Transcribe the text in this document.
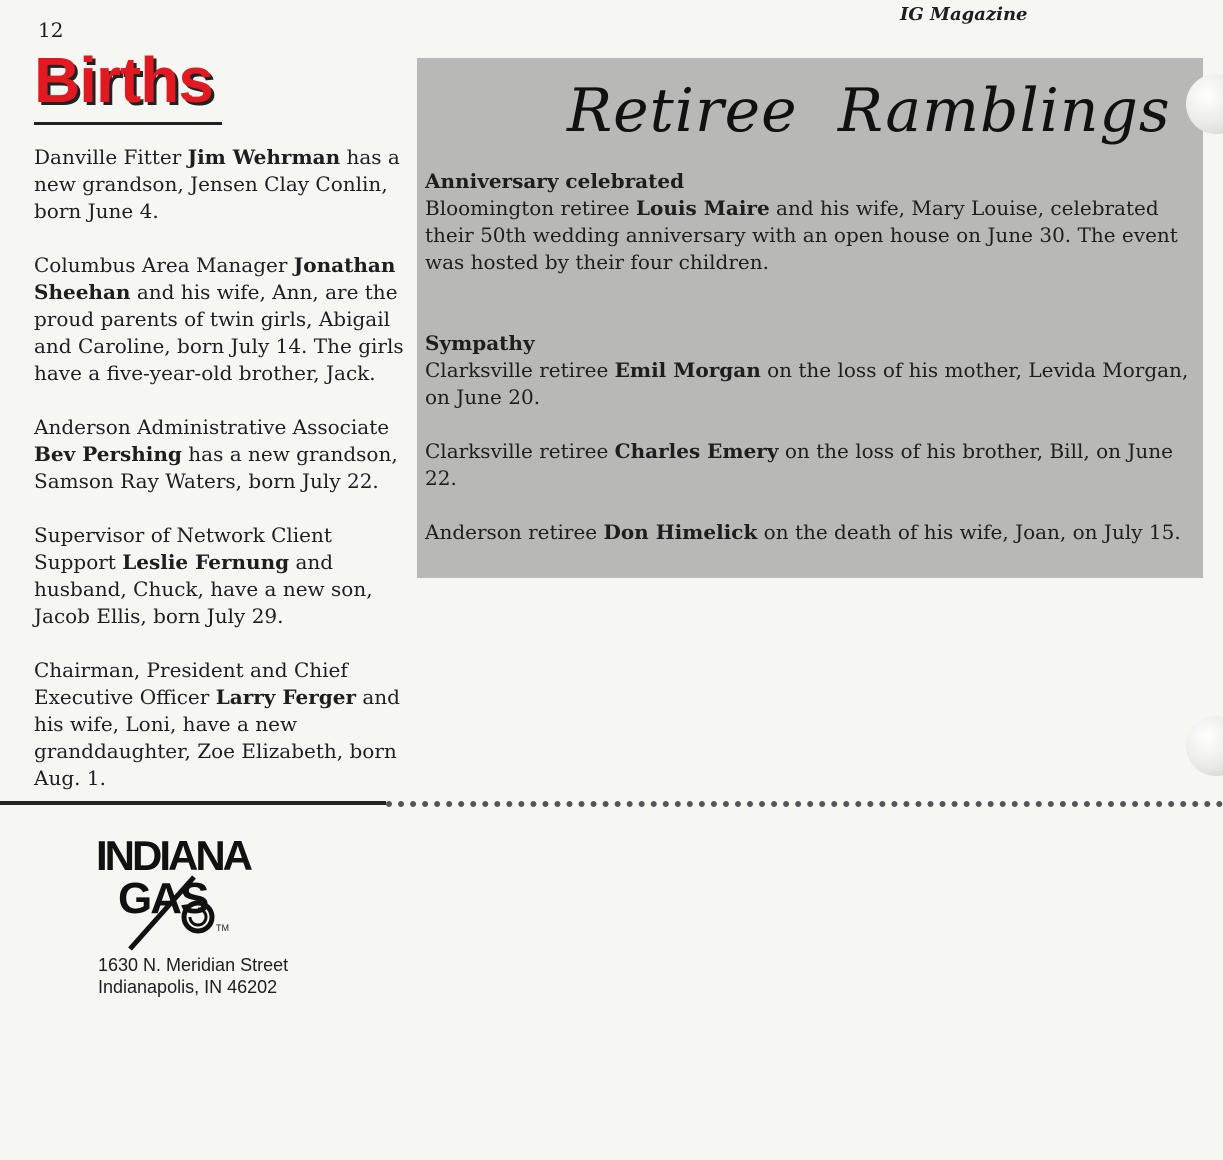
12
IG Magazine
Births

Danville Fitter Jim Wehrman has a new grandson, Jensen Clay Conlin, born June 4.

Columbus Area Manager Jonathan Sheehan and his wife, Ann, are the proud parents of twin girls, Abigail and Caroline, born July 14. The girls have a five-year-old brother, Jack.

Anderson Administrative Associate Bev Pershing has a new grandson, Samson Ray Waters, born July 22.

Supervisor of Network Client Support Leslie Fernung and husband, Chuck, have a new son, Jacob Ellis, born July 29.

Chairman, President and Chief Executive Officer Larry Ferger and his wife, Loni, have a new granddaughter, Zoe Elizabeth, born Aug. 1.

Retiree  Ramblings
Anniversary celebrated

Bloomington retiree Louis Maire and his wife, Mary Louise, celebrated their 50th wedding anniversary with an open house on June 30. The event was hosted by their four children.

Sympathy

Clarksville retiree Emil Morgan on the loss of his mother, Levida Morgan, on June 20.

Clarksville retiree Charles Emery on the loss of his brother, Bill, on June 22.

Anderson retiree Don Himelick on the death of his wife, Joan, on July 15.

INDIANA
GAS
TM
1630 N. Meridian Street
Indianapolis, IN 46202
